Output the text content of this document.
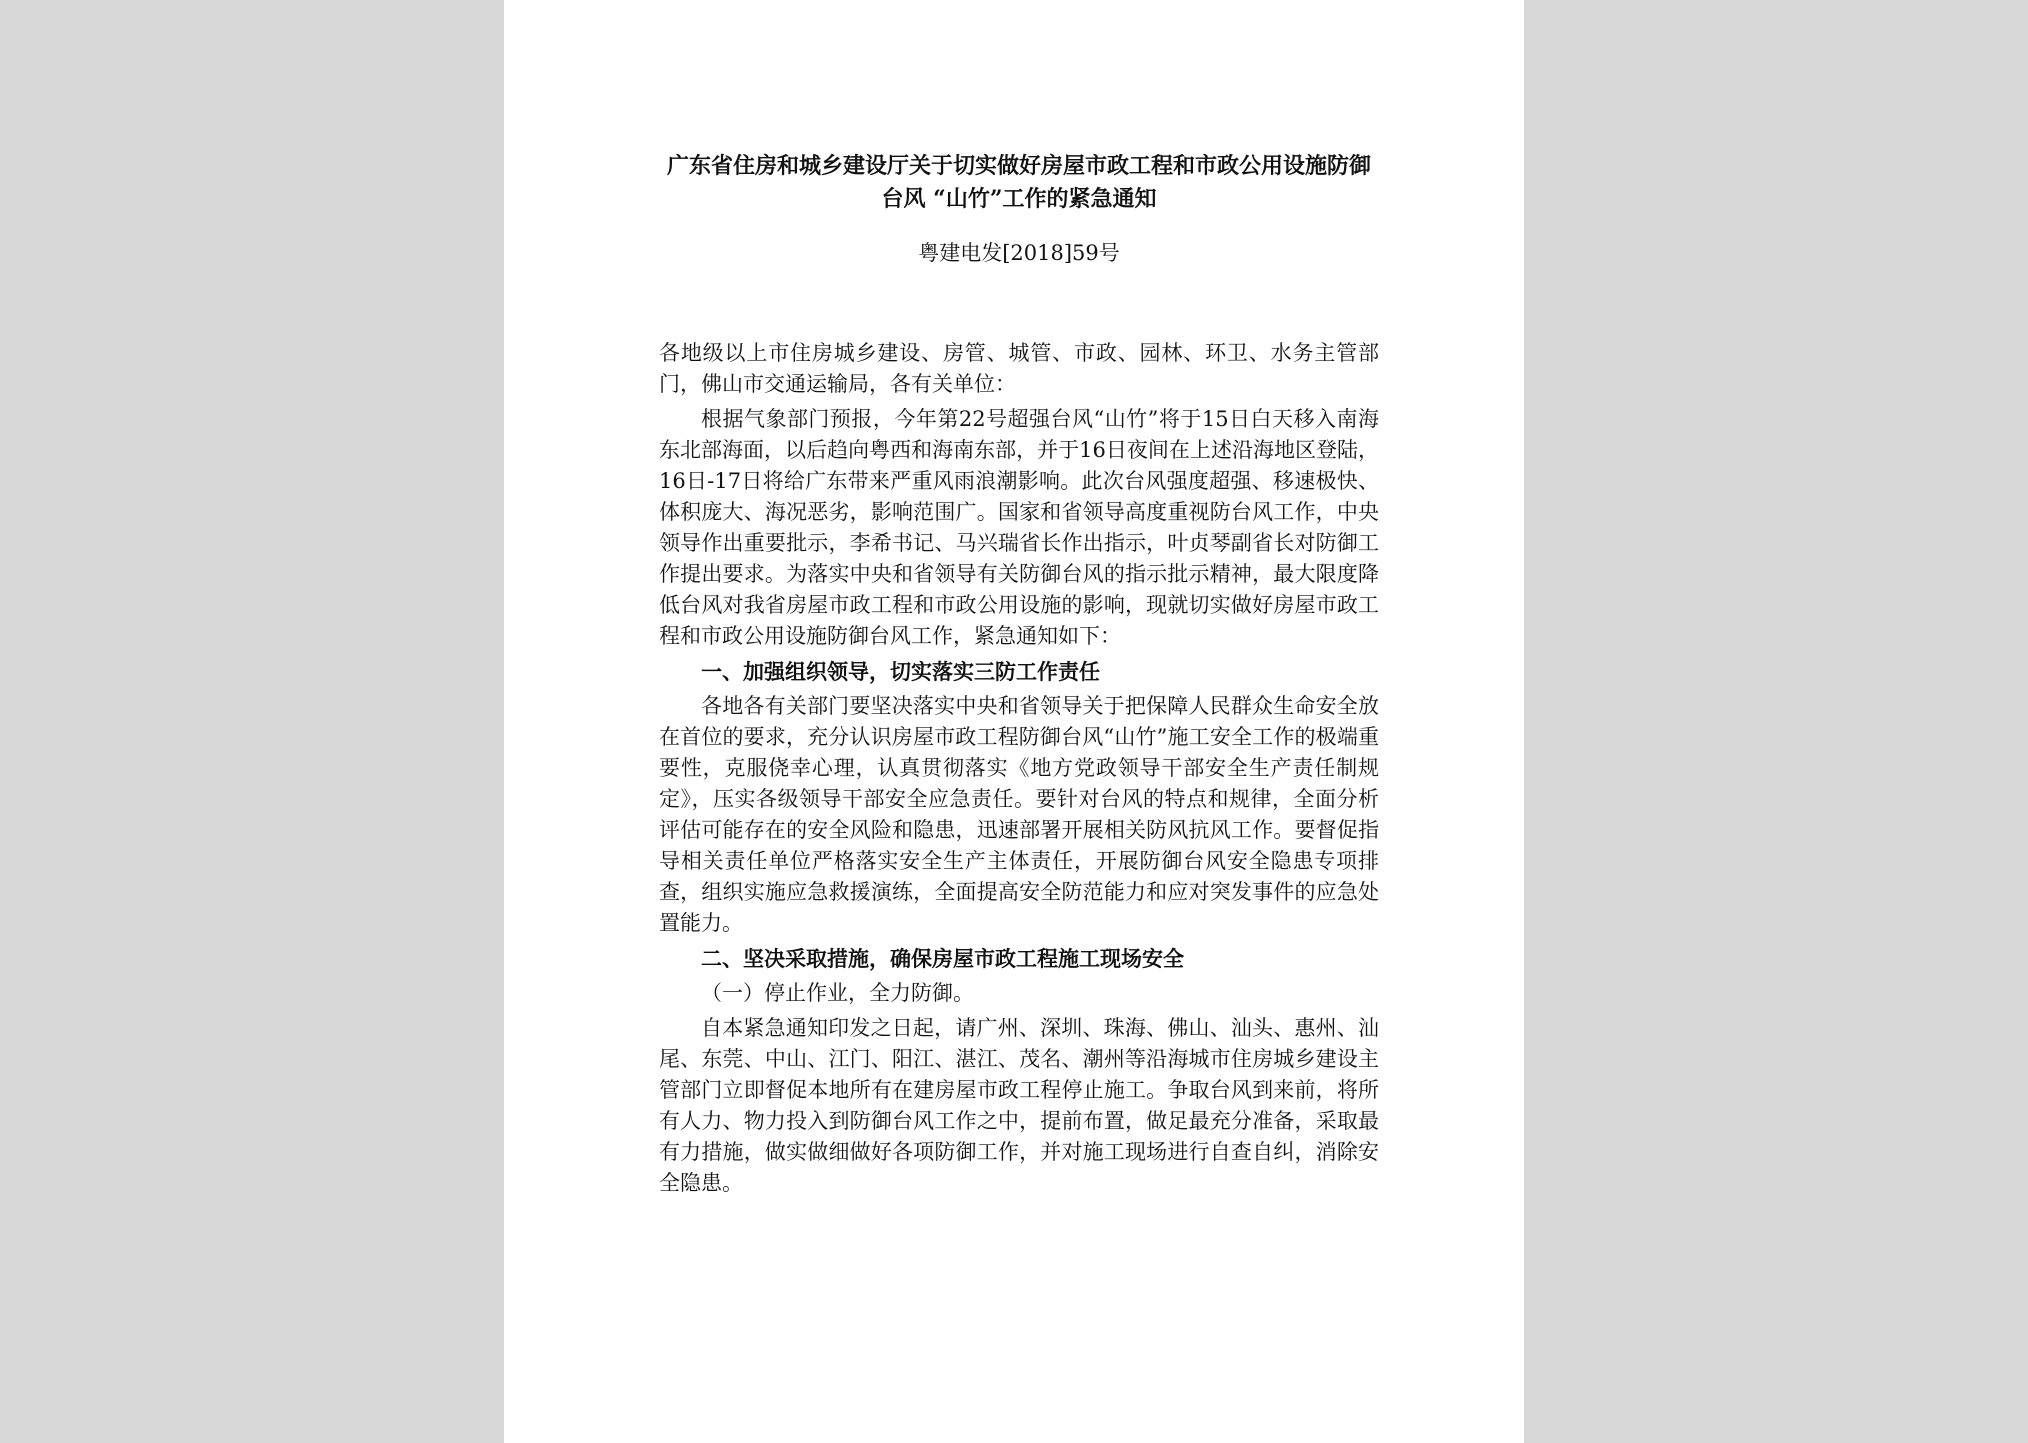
广东省住房和城乡建设厅关于切实做好房屋市政工程和市政公用设施防御台风 “山竹”工作的紧急通知
粤建电发[2018]59号
各地级以上市住房城乡建设、房管、城管、市政、园林、环卫、水务主管部门，佛山市交通运输局，各有关单位：

根据气象部门预报，今年第22号超强台风“山竹”将于15日白天移入南海东北部海面，以后趋向粤西和海南东部，并于16日夜间在上述沿海地区登陆，16日-17日将给广东带来严重风雨浪潮影响。此次台风强度超强、移速极快、体积庞大、海况恶劣，影响范围广。国家和省领导高度重视防台风工作，中央领导作出重要批示，李希书记、马兴瑞省长作出指示，叶贞琴副省长对防御工作提出要求。为落实中央和省领导有关防御台风的指示批示精神，最大限度降低台风对我省房屋市政工程和市政公用设施的影响，现就切实做好房屋市政工程和市政公用设施防御台风工作，紧急通知如下：

一、加强组织领导，切实落实三防工作责任

各地各有关部门要坚决落实中央和省领导关于把保障人民群众生命安全放在首位的要求，充分认识房屋市政工程防御台风“山竹”施工安全工作的极端重要性，克服侥幸心理，认真贯彻落实《地方党政领导干部安全生产责任制规定》，压实各级领导干部安全应急责任。要针对台风的特点和规律，全面分析评估可能存在的安全风险和隐患，迅速部署开展相关防风抗风工作。要督促指导相关责任单位严格落实安全生产主体责任，开展防御台风安全隐患专项排查，组织实施应急救援演练，全面提高安全防范能力和应对突发事件的应急处置能力。

二、坚决采取措施，确保房屋市政工程施工现场安全

（一）停止作业，全力防御。

自本紧急通知印发之日起，请广州、深圳、珠海、佛山、汕头、惠州、汕尾、东莞、中山、江门、阳江、湛江、茂名、潮州等沿海城市住房城乡建设主管部门立即督促本地所有在建房屋市政工程停止施工。争取台风到来前，将所有人力、物力投入到防御台风工作之中，提前布置，做足最充分准备，采取最有力措施，做实做细做好各项防御工作，并对施工现场进行自查自纠，消除安全隐患。
